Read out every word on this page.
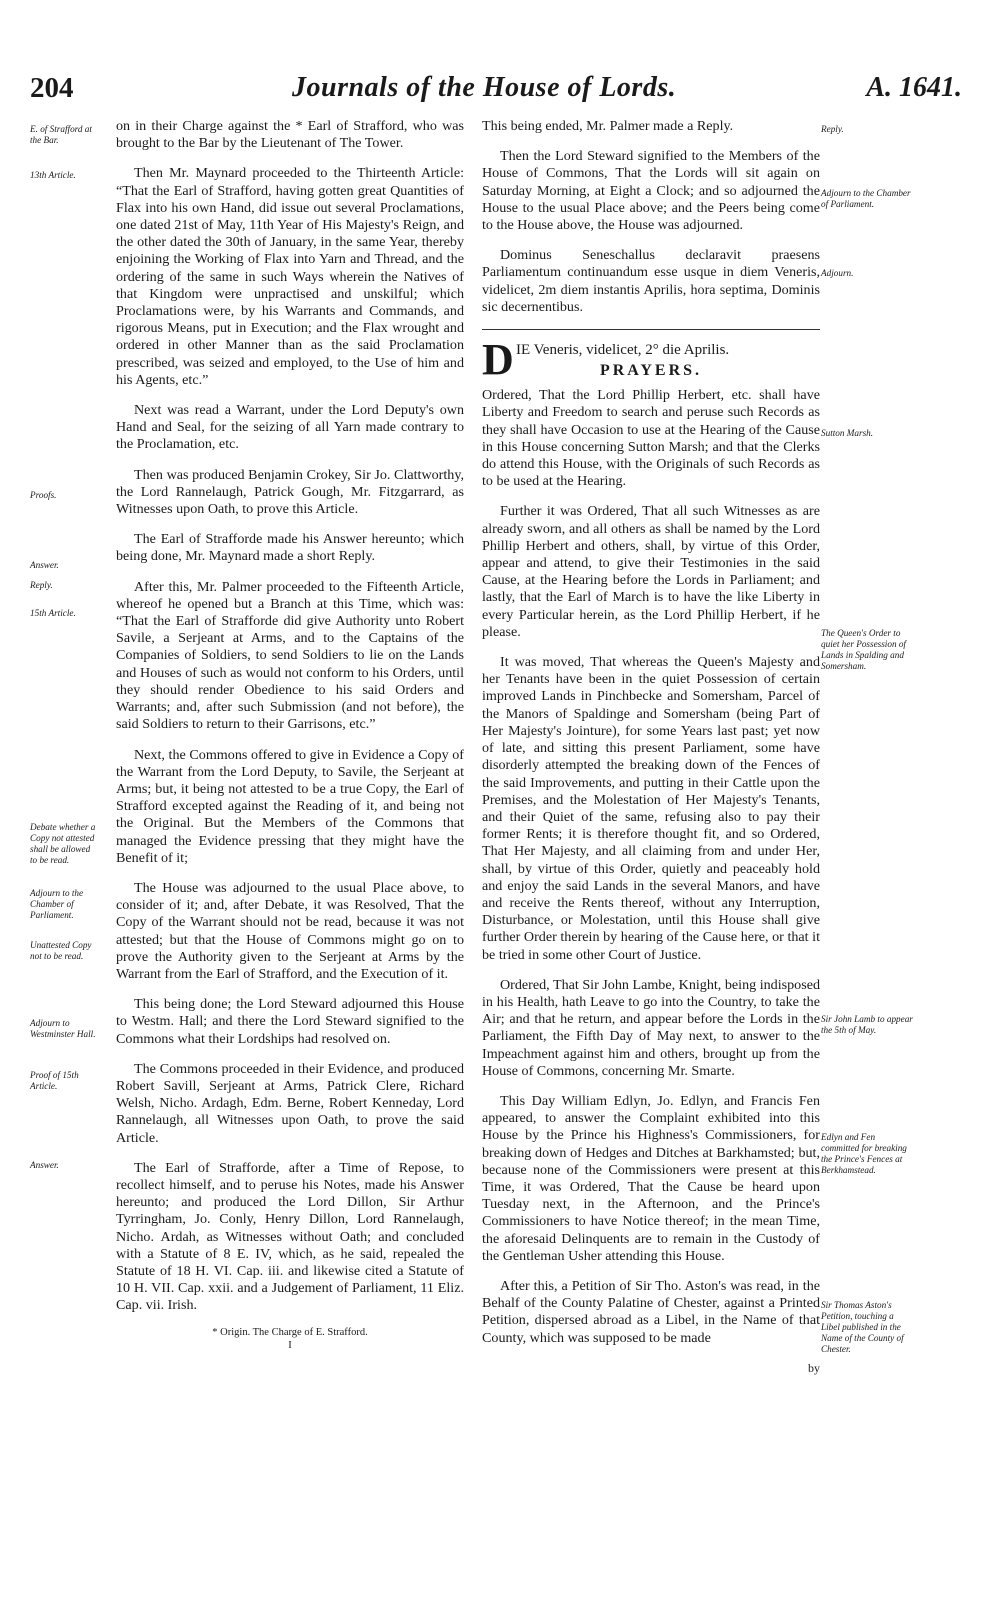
204	Journals of the House of Lords.	A. 1641.
E. of Strafford at the Bar.
13th Article.
Proofs.
Answer.
Reply.
15th Article.
Debate whether a Copy not attested shall be allowed to be read.
Adjourn to the Chamber of Parliament.
Unattested Copy not to be read.
Adjourn to Westminster Hall.
Proof of 15th Article.
Answer.

on in their Charge against the * Earl of Strafford, who was brought to the Bar by the Lieutenant of The Tower.

Then Mr. Maynard proceeded to the Thirteenth Article: “That the Earl of Strafford, having gotten great Quantities of Flax into his own Hand, did issue out several Proclamations, one dated 21st of May, 11th Year of His Majesty's Reign, and the other dated the 30th of January, in the same Year, thereby enjoining the Working of Flax into Yarn and Thread, and the ordering of the same in such Ways wherein the Natives of that Kingdom were unpractised and unskilful; which Proclamations were, by his Warrants and Commands, and rigorous Means, put in Execution; and the Flax wrought and ordered in other Manner than as the said Proclamation prescribed, was seized and employed, to the Use of him and his Agents, etc.”

Next was read a Warrant, under the Lord Deputy's own Hand and Seal, for the seizing of all Yarn made contrary to the Proclamation, etc.

Then was produced Benjamin Crokey, Sir Jo. Clattworthy, the Lord Rannelaugh, Patrick Gough, Mr. Fitzgarrard, as Witnesses upon Oath, to prove this Article.

The Earl of Strafforde made his Answer hereunto; which being done, Mr. Maynard made a short Reply.

After this, Mr. Palmer proceeded to the Fifteenth Article, whereof he opened but a Branch at this Time, which was: “That the Earl of Strafforde did give Authority unto Robert Savile, a Serjeant at Arms, and to the Captains of the Companies of Soldiers, to send Soldiers to lie on the Lands and Houses of such as would not conform to his Orders, until they should render Obedience to his said Orders and Warrants; and, after such Submission (and not before), the said Soldiers to return to their Garrisons, etc.”

Next, the Commons offered to give in Evidence a Copy of the Warrant from the Lord Deputy, to Savile, the Serjeant at Arms; but, it being not attested to be a true Copy, the Earl of Strafford excepted against the Reading of it, and being not the Original. But the Members of the Commons that managed the Evidence pressing that they might have the Benefit of it;

The House was adjourned to the usual Place above, to consider of it; and, after Debate, it was Resolved, That the Copy of the Warrant should not be read, because it was not attested; but that the House of Commons might go on to prove the Authority given to the Serjeant at Arms by the Warrant from the Earl of Strafford, and the Execution of it.

This being done; the Lord Steward adjourned this House to Westm. Hall; and there the Lord Steward signified to the Commons what their Lordships had resolved on.

The Commons proceeded in their Evidence, and produced Robert Savill, Serjeant at Arms, Patrick Clere, Richard Welsh, Nicho. Ardagh, Edm. Berne, Robert Kenneday, Lord Rannelaugh, all Witnesses upon Oath, to prove the said Article.

The Earl of Strafforde, after a Time of Repose, to recollect himself, and to peruse his Notes, made his Answer hereunto; and produced the Lord Dillon, Sir Arthur Tyrringham, Jo. Conly, Henry Dillon, Lord Rannelaugh, Nicho. Ardah, as Witnesses without Oath; and concluded with a Statute of 8 E. IV, which, as he said, repealed the Statute of 18 H. VI. Cap. iii. and likewise cited a Statute of 10 H. VII. Cap. xxii. and a Judgement of Parliament, 11 Eliz. Cap. vii. Irish.

* Origin. The Charge of E. Strafford.
I

This being ended, Mr. Palmer made a Reply.

Then the Lord Steward signified to the Members of the House of Commons, That the Lords will sit again on Saturday Morning, at Eight a Clock; and so adjourned the House to the usual Place above; and the Peers being come to the House above, the House was adjourned.

Dominus Seneschallus declaravit praesens Parliamentum continuandum esse usque in diem Veneris, videlicet, 2m diem instantis Aprilis, hora septima, Dominis sic decernentibus.

D IE Veneris, videlicet, 2° die Aprilis.
PRAYERS.

Ordered, That the Lord Phillip Herbert, etc. shall have Liberty and Freedom to search and peruse such Records as they shall have Occasion to use at the Hearing of the Cause in this House concerning Sutton Marsh; and that the Clerks do attend this House, with the Originals of such Records as to be used at the Hearing.

Further it was Ordered, That all such Witnesses as are already sworn, and all others as shall be named by the Lord Phillip Herbert and others, shall, by virtue of this Order, appear and attend, to give their Testimonies in the said Cause, at the Hearing before the Lords in Parliament; and lastly, that the Earl of March is to have the like Liberty in every Particular herein, as the Lord Phillip Herbert, if he please.

It was moved, That whereas the Queen's Majesty and her Tenants have been in the quiet Possession of certain improved Lands in Pinchbecke and Somersham, Parcel of the Manors of Spaldinge and Somersham (being Part of Her Majesty's Jointure), for some Years last past; yet now of late, and sitting this present Parliament, some have disorderly attempted the breaking down of the Fences of the said Improvements, and putting in their Cattle upon the Premises, and the Molestation of Her Majesty's Tenants, and their Quiet of the same, refusing also to pay their former Rents; it is therefore thought fit, and so Ordered, That Her Majesty, and all claiming from and under Her, shall, by virtue of this Order, quietly and peaceably hold and enjoy the said Lands in the several Manors, and have and receive the Rents thereof, without any Interruption, Disturbance, or Molestation, until this House shall give further Order therein by hearing of the Cause here, or that it be tried in some other Court of Justice.

Ordered, That Sir John Lambe, Knight, being indisposed in his Health, hath Leave to go into the Country, to take the Air; and that he return, and appear before the Lords in the Parliament, the Fifth Day of May next, to answer to the Impeachment against him and others, brought up from the House of Commons, concerning Mr. Smarte.

This Day William Edlyn, Jo. Edlyn, and Francis Fen appeared, to answer the Complaint exhibited into this House by the Prince his Highness's Commissioners, for breaking down of Hedges and Ditches at Barkhamsted; but, because none of the Commissioners were present at this Time, it was Ordered, That the Cause be heard upon Tuesday next, in the Afternoon, and the Prince's Commissioners to have Notice thereof; in the mean Time, the aforesaid Delinquents are to remain in the Custody of the Gentleman Usher attending this House.

After this, a Petition of Sir Tho. Aston's was read, in the Behalf of the County Palatine of Chester, against a Printed Petition, dispersed abroad as a Libel, in the Name of that County, which was supposed to be made

by
Reply.
Adjourn to the Chamber of Parliament.
Adjourn.
Sutton Marsh.
The Queen's Order to quiet her Possession of Lands in Spalding and Somersham.
Sir John Lamb to appear the 5th of May.
Edlyn and Fen committed for breaking the Prince's Fences at Berkhamstead.
Sir Thomas Aston's Petition, touching a Libel published in the Name of the County of Chester.
